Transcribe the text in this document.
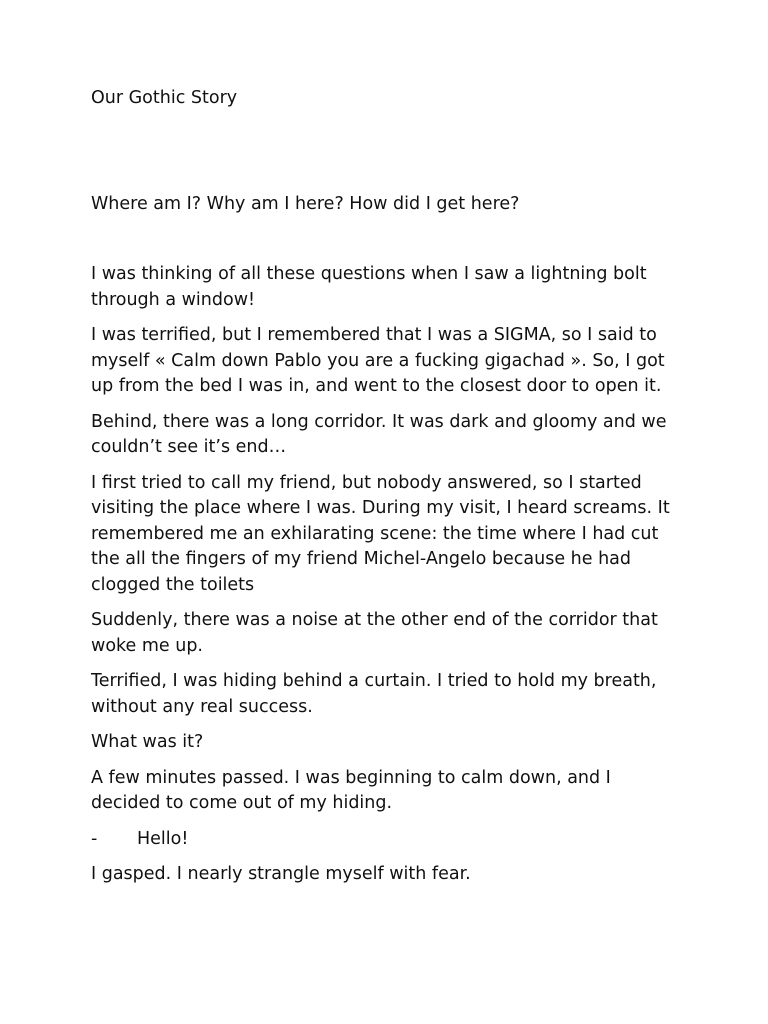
Our Gothic Story

Where am I? Why am I here? How did I get here?

I was thinking of all these questions when I saw a lightning bolt through a window!

I was terrified, but I remembered that I was a SIGMA, so I said to myself « Calm down Pablo you are a fucking gigachad ». So, I got up from the bed I was in, and went to the closest door to open it.

Behind, there was a long corridor. It was dark and gloomy and we couldn’t see it’s end…

I first tried to call my friend, but nobody answered, so I started visiting the place where I was. During my visit, I heard screams. It remembered me an exhilarating scene: the time where I had cut the all the fingers of my friend Michel-Angelo because he had clogged the toilets

Suddenly, there was a noise at the other end of the corridor that woke me up.

Terrified, I was hiding behind a curtain. I tried to hold my breath, without any real success.

What was it?

A few minutes passed. I was beginning to calm down, and I decided to come out of my hiding.

-	Hello!

I gasped. I nearly strangle myself with fear.
